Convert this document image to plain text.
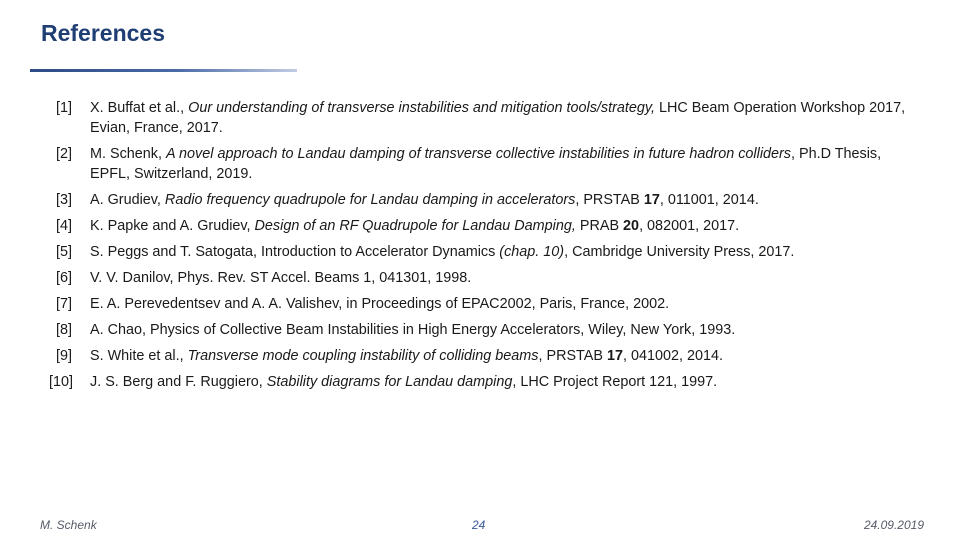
References
[1]	X. Buffat et al., Our understanding of transverse instabilities and mitigation tools/strategy, LHC Beam Operation Workshop 2017, Evian, France, 2017.
[2]	M. Schenk, A novel approach to Landau damping of transverse collective instabilities in future hadron colliders, Ph.D Thesis, EPFL, Switzerland, 2019.
[3]	A. Grudiev, Radio frequency quadrupole for Landau damping in accelerators, PRSTAB 17, 011001, 2014.
[4]	K. Papke and A. Grudiev, Design of an RF Quadrupole for Landau Damping, PRAB 20, 082001, 2017.
[5]	S. Peggs and T. Satogata, Introduction to Accelerator Dynamics (chap. 10), Cambridge University Press, 2017.
[6]	V. V. Danilov, Phys. Rev. ST Accel. Beams 1, 041301, 1998.
[7]	E. A. Perevedentsev and A. A. Valishev, in Proceedings of EPAC2002, Paris, France, 2002.
[8]	A. Chao, Physics of Collective Beam Instabilities in High Energy Accelerators, Wiley, New York, 1993.
[9]	S. White et al., Transverse mode coupling instability of colliding beams, PRSTAB 17, 041002, 2014.
[10]	J. S. Berg and F. Ruggiero, Stability diagrams for Landau damping, LHC Project Report 121, 1997.
M. Schenk	24	24.09.2019
